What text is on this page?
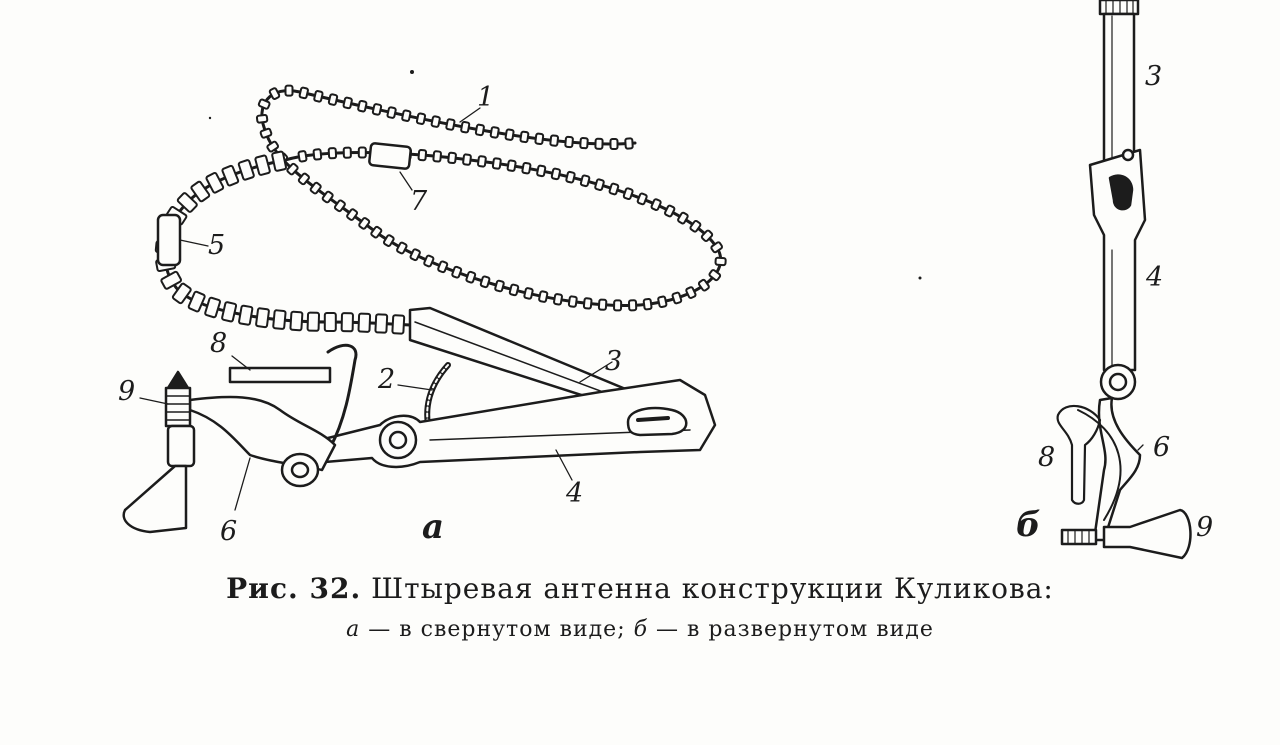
1
7
5
8
2
3
9
4
6	а
3
4
6
8
9
б
Рис. 32. Штыревая антенна конструкции Куликова:
а — в свернутом виде; б — в развернутом виде
